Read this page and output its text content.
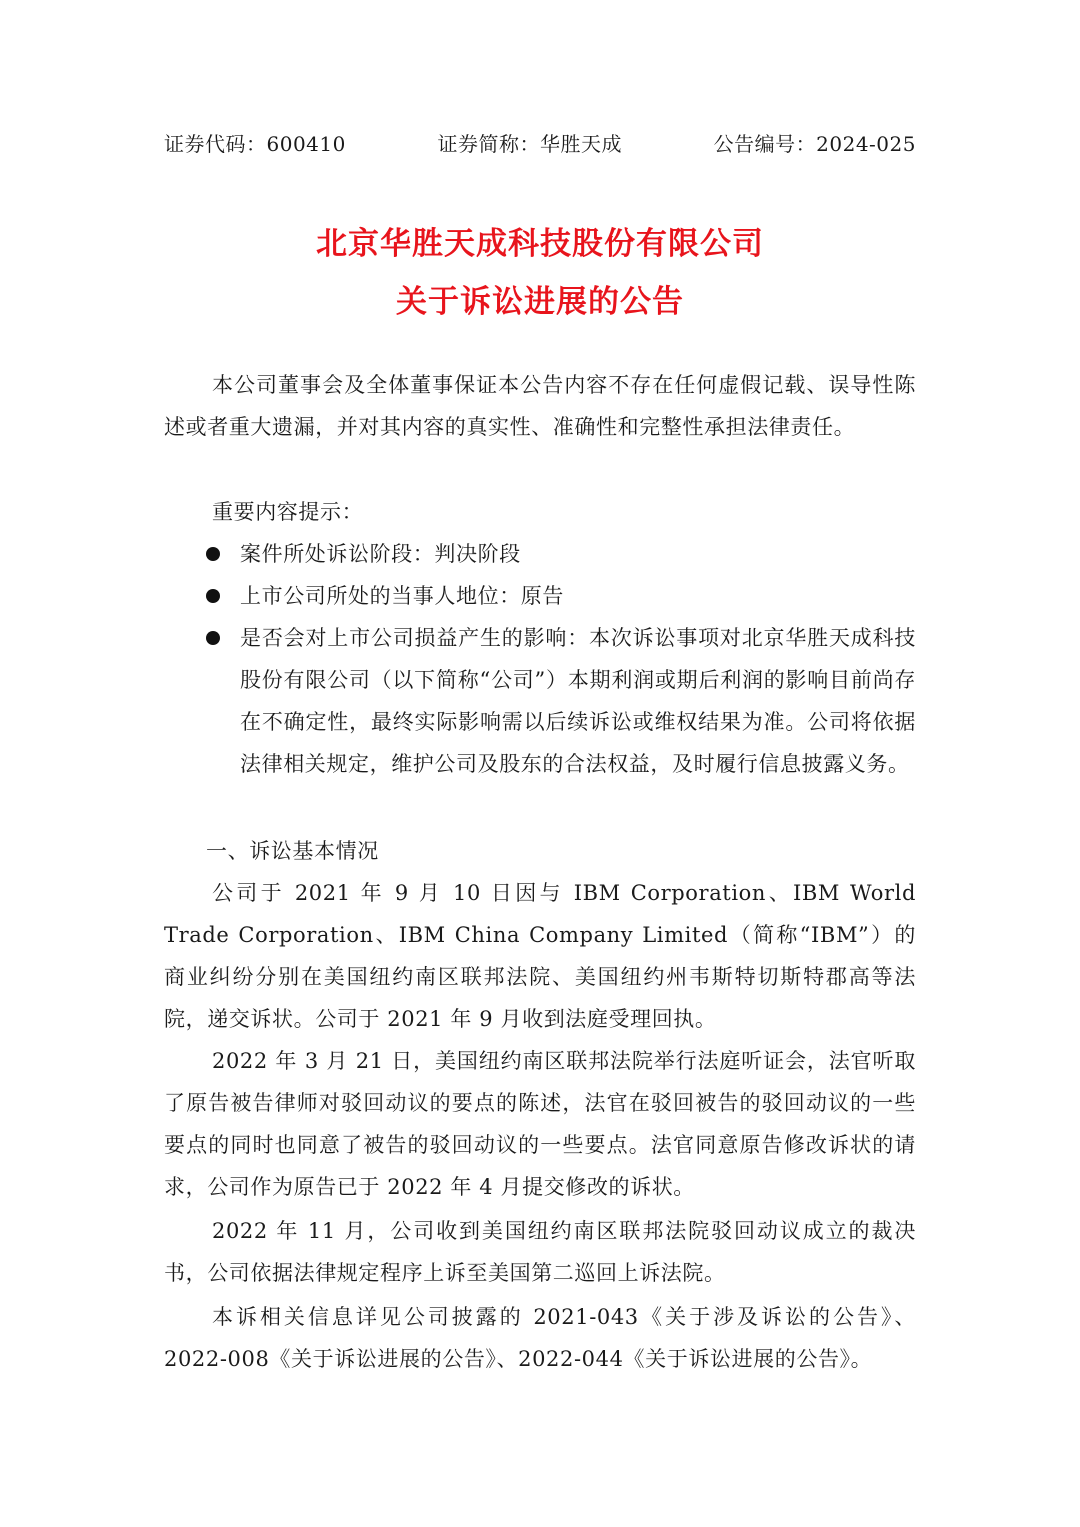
证券代码：600410	证券简称：华胜天成	公告编号：2024-025
北京华胜天成科技股份有限公司
关于诉讼进展的公告
本公司董事会及全体董事保证本公告内容不存在任何虚假记载、误导性陈述或者重大遗漏，并对其内容的真实性、准确性和完整性承担法律责任。
重要内容提示：
案件所处诉讼阶段：判决阶段
上市公司所处的当事人地位：原告
是否会对上市公司损益产生的影响：本次诉讼事项对北京华胜天成科技股份有限公司（以下简称“公司”）本期利润或期后利润的影响目前尚存在不确定性，最终实际影响需以后续诉讼或维权结果为准。公司将依据法律相关规定，维护公司及股东的合法权益，及时履行信息披露义务。
一、诉讼基本情况
公司于 2021 年 9 月 10 日因与 IBM Corporation、IBM World Trade Corporation、IBM China Company Limited（简称“IBM”）的商业纠纷分别在美国纽约南区联邦法院、美国纽约州韦斯特切斯特郡高等法院，递交诉状。公司于 2021 年 9 月收到法庭受理回执。
2022 年 3 月 21 日，美国纽约南区联邦法院举行法庭听证会，法官听取了原告被告律师对驳回动议的要点的陈述，法官在驳回被告的驳回动议的一些要点的同时也同意了被告的驳回动议的一些要点。法官同意原告修改诉状的请求，公司作为原告已于 2022 年 4 月提交修改的诉状。
2022 年 11 月，公司收到美国纽约南区联邦法院驳回动议成立的裁决书，公司依据法律规定程序上诉至美国第二巡回上诉法院。
本诉相关信息详见公司披露的 2021-043《关于涉及诉讼的公告》、2022-008《关于诉讼进展的公告》、2022-044《关于诉讼进展的公告》。
